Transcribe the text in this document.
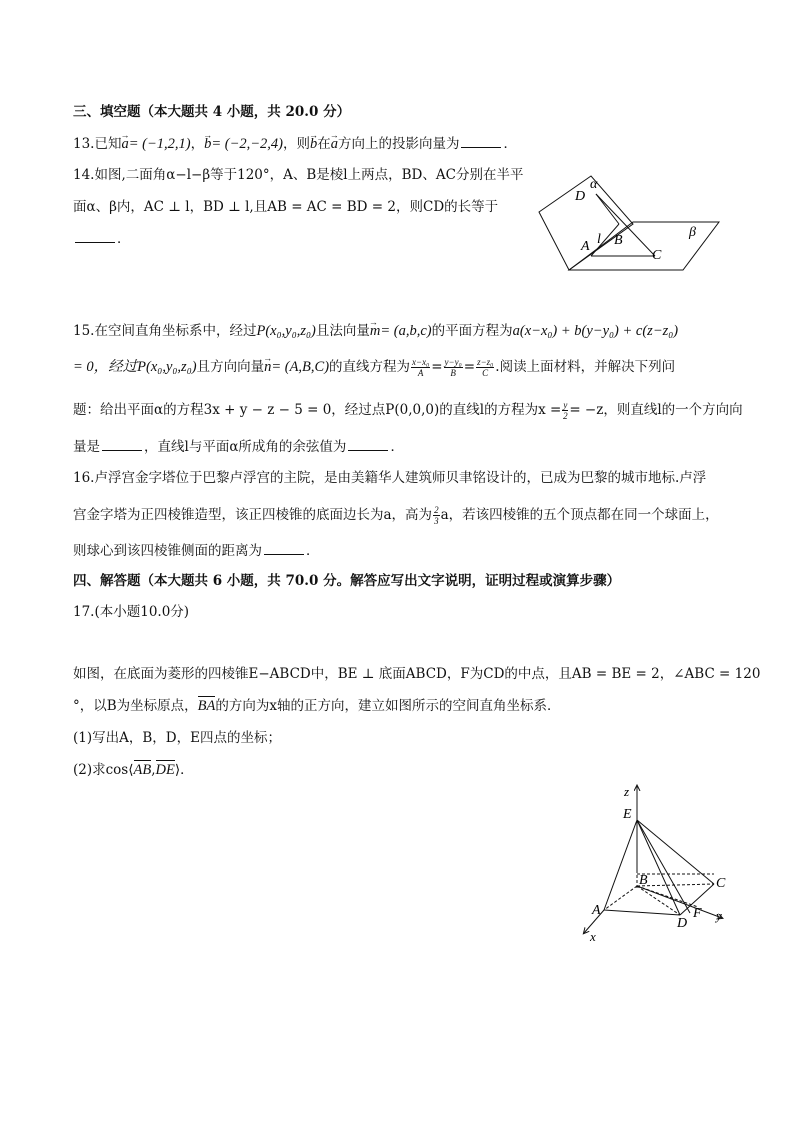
三、填空题（本大题共 4 小题，共 20.0 分）
13.已知→ a= (−1,2,1)，→ b= (−2,−2,4)，则→ b在→ a方向上的投影向量为	．
14.如图,二面角α−l−β等于120°，A、B是棱l上两点，BD、AC分别在半平
面α、β内，AC ⊥ l，BD ⊥ l,且AB = AC = BD = 2，则CD的长等于
．
α
D
A l B
C
β
15.在空间直角坐标系中，经过P(x₀,y₀,z₀)且法向量→ m= (a,b,c)的平面方程为a(x−x₀) + b(y−y₀) + c(z−z₀)
= 0，经过P(x₀,y₀,z₀)且方向向量→ n= (A,B,C)的直线方程为 $\frac{\text{x−x₀}}{A} = \frac{\text{y−y₀}}{B} = \frac{\text{z−z₀}}{C}$ .阅读上面材料，并解决下列问
题：给出平面α的方程3x + y − z − 5 = 0，经过点P(0,0,0)的直线l的方程为$x = \frac{y}{2} = -z$，则直线l的一个方向向
量是	，直线l与平面α所成角的余弦值为	．
16.卢浮宫金字塔位于巴黎卢浮宫的主院，是由美籍华人建筑师贝聿铭设计的，已成为巴黎的城市地标.卢浮
宫金字塔为正四棱锥造型，该正四棱锥的底面边长为a，高为 $\frac{2}{3}$ a，若该四棱锥的五个顶点都在同一个球面上，
则球心到该四棱锥侧面的距离为	．
四、解答题（本大题共 6 小题，共 70.0 分。解答应写出文字说明，证明过程或演算步骤）
17.(本小题10.0分)
如图，在底面为菱形的四棱锥E−ABCD中，BE ⊥ 底面ABCD，F为CD的中点，且AB = BE = 2，∠ABC = 120
°，以B为坐标原点，BA的方向为x轴的正方向，建立如图所示的空间直角坐标系．
(1)写出A，B，D，E四点的坐标；
(2)求cos⟨AB,DE⟩．
z
E
B	C
A	F
D
y
x
